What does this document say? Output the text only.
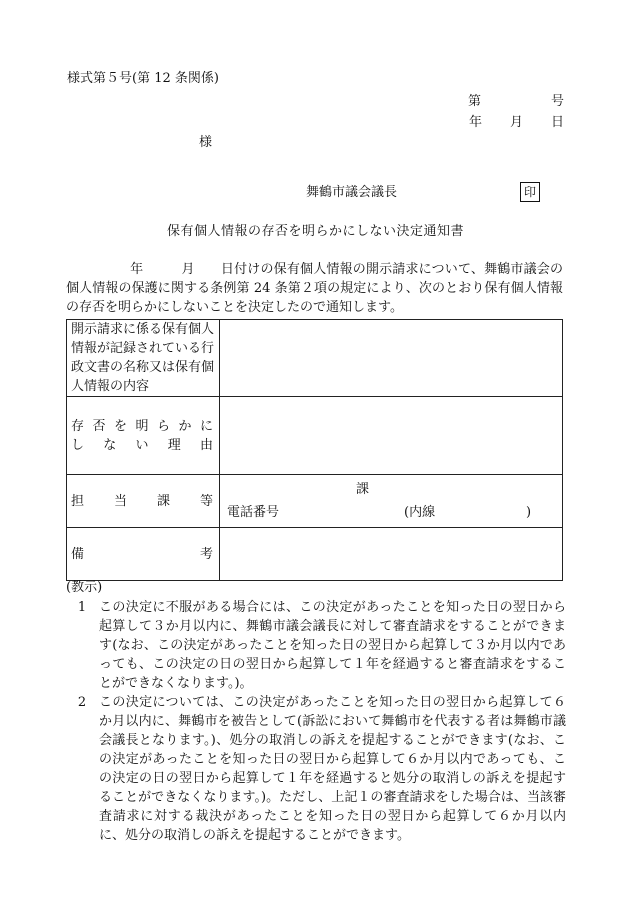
様式第５号(第 12 条関係)
第	号
年 月 日
様
舞鶴市議会議長	印
保有個人情報の存否を明らかにしない決定通知書
年	月 日付けの保有個人情報の開示請求について、舞鶴市議会の個人情報の保護に関する条例第 24 条第２項の規定により、次のとおり保有個人情報の存否を明らかにしないことを決定したので通知します。
開示請求に係る保有個人情報が記録されている行政文書の名称又は保有個人情報の内容	

存否を明らかに
しない理由	

担当課等	課
電話番号 (内線 )

備考	

(教示)
1 この決定に不服がある場合には、この決定があったことを知った日の翌日から起算して３か月以内に、舞鶴市議会議長に対して審査請求をすることができます(なお、この決定があったことを知った日の翌日から起算して３か月以内であっても、この決定の日の翌日から起算して１年を経過すると審査請求をすることができなくなります。)。
2 この決定については、この決定があったことを知った日の翌日から起算して６か月以内に、舞鶴市を被告として(訴訟において舞鶴市を代表する者は舞鶴市議会議長となります。)、処分の取消しの訴えを提起することができます(なお、この決定があったことを知った日の翌日から起算して６か月以内であっても、この決定の日の翌日から起算して１年を経過すると処分の取消しの訴えを提起することができなくなります。)。ただし、上記１の審査請求をした場合は、当該審査請求に対する裁決があったことを知った日の翌日から起算して６か月以内に、処分の取消しの訴えを提起することができます。
